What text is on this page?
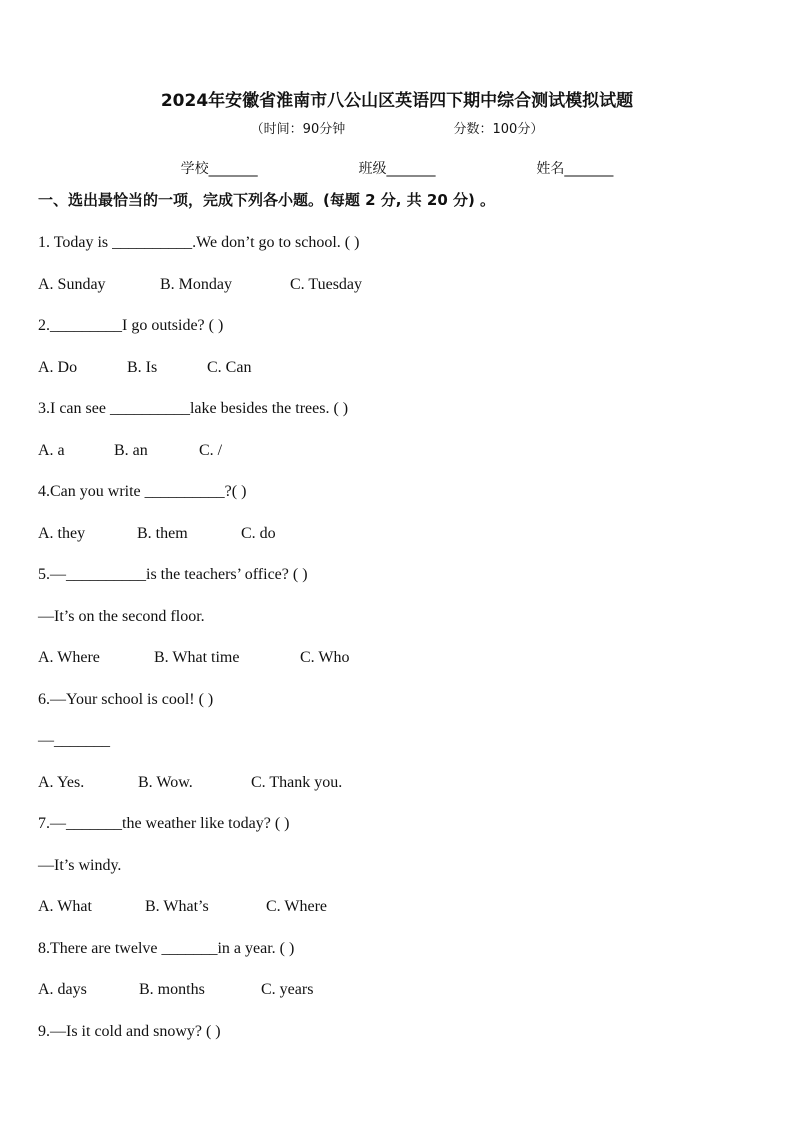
2024年安徽省淮南市八公山区英语四下期中综合测试模拟试题
（时间：90分钟	分数：100分）
学校_______	班级_______	姓名_______
一、选出最恰当的一项，完成下列各小题。(每题 2 分, 共 20 分) 。
1. Today is __________.We don’t go to school. ( )
A. Sunday	B. Monday	C. Tuesday
2._________I go outside? ( )
A. Do	B. Is	C. Can
3.I can see __________lake besides the trees. ( )
A. a	B. an	C. /
4.Can you write __________?( )
A. they	B. them	C. do
5.—__________is the teachers’ office? ( )
—It’s on the second floor.
A. Where	B. What time	C. Who
6.—Your school is cool! ( )
—_______
A. Yes.	B. Wow.	C. Thank you.
7.—_______the weather like today? ( )
—It’s windy.
A. What	B. What’s	C. Where
8.There are twelve _______in a year. ( )
A. days	B. months	C. years
9.—Is it cold and snowy? ( )
